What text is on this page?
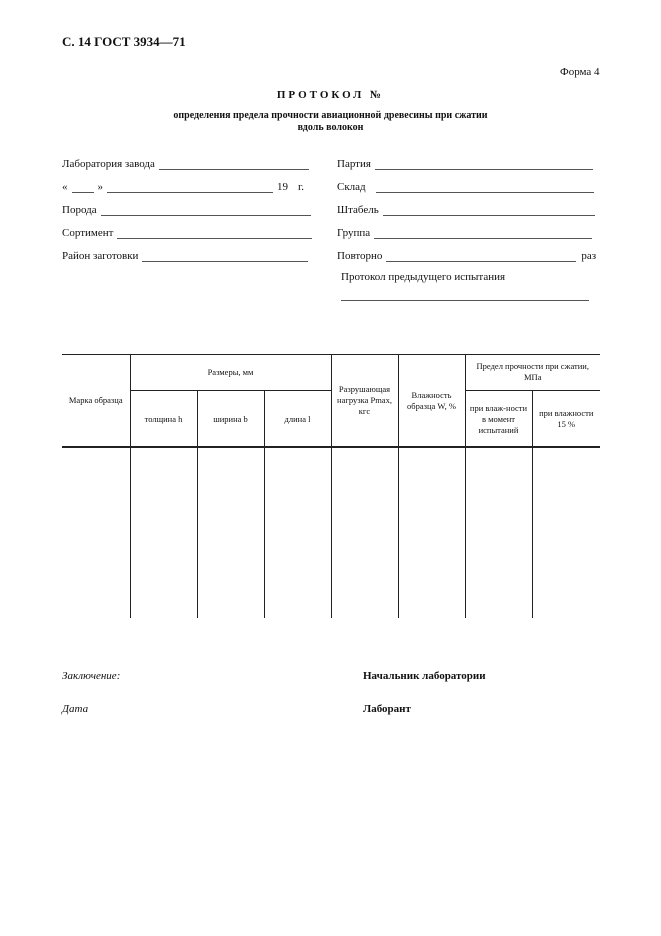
С. 14 ГОСТ 3934—71
Форма 4
ПРОТОКОЛ №
определения предела прочности авиационной древесины при сжатии
вдоль волокон
Лаборатория завода
«	»	19 г.
Порода
Сортимент
Район заготовки
Партия
Склад
Штабель
Группа
Повторно	раз
Протокол предыдущего испытания
Марка образца	Размеры, мм			Разрушающая нагрузка Pmax, кгс	Влажность образца W, %	Предел прочности при сжатии, МПа	
	толщина h	ширина b	длина l			при влаж-ности в момент испытаний	при влажности 15 %

Заключение:	Начальник лаборатории
Дата	Лаборант
